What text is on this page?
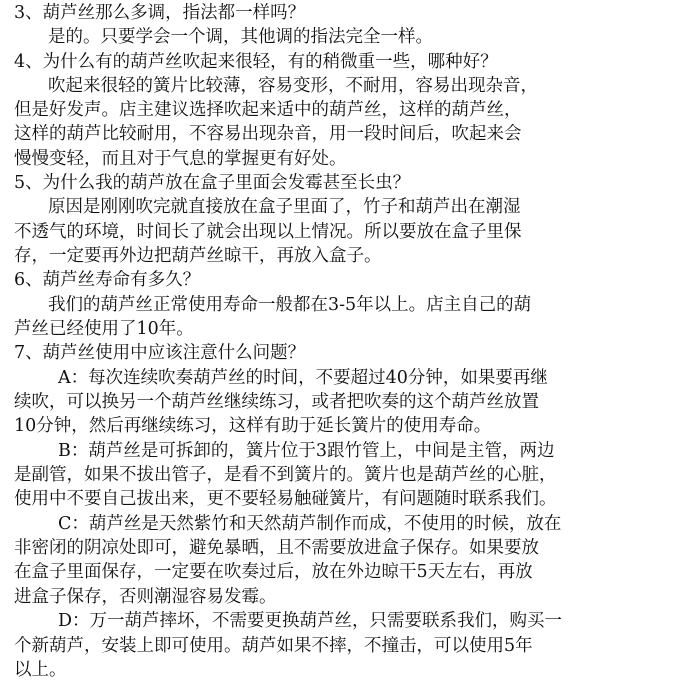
3、葫芦丝那么多调，指法都一样吗？
是的。只要学会一个调，其他调的指法完全一样。
4、为什么有的葫芦丝吹起来很轻，有的稍微重一些，哪种好？
吹起来很轻的簧片比较薄，容易变形，不耐用，容易出现杂音，
但是好发声。店主建议选择吹起来适中的葫芦丝，这样的葫芦丝，
这样的葫芦比较耐用，不容易出现杂音，用一段时间后，吹起来会
慢慢变轻，而且对于气息的掌握更有好处。
5、为什么我的葫芦放在盒子里面会发霉甚至长虫？
原因是刚刚吹完就直接放在盒子里面了，竹子和葫芦出在潮湿
不透气的环境，时间长了就会出现以上情况。所以要放在盒子里保
存，一定要再外边把葫芦丝晾干，再放入盒子。
6、葫芦丝寿命有多久？
我们的葫芦丝正常使用寿命一般都在3-5年以上。店主自己的葫
芦丝已经使用了10年。
7、葫芦丝使用中应该注意什么问题？
A：每次连续吹奏葫芦丝的时间，不要超过40分钟，如果要再继
续吹，可以换另一个葫芦丝继续练习，或者把吹奏的这个葫芦丝放置
10分钟，然后再继续练习，这样有助于延长簧片的使用寿命。
B：葫芦丝是可拆卸的，簧片位于3跟竹管上，中间是主管，两边
是副管，如果不拔出管子，是看不到簧片的。簧片也是葫芦丝的心脏，
使用中不要自己拔出来，更不要轻易触碰簧片，有问题随时联系我们。
C：葫芦丝是天然紫竹和天然葫芦制作而成，不使用的时候，放在
非密闭的阴凉处即可，避免暴晒，且不需要放进盒子保存。如果要放
在盒子里面保存，一定要在吹奏过后，放在外边晾干5天左右，再放
进盒子保存，否则潮湿容易发霉。
D：万一葫芦摔坏，不需要更换葫芦丝，只需要联系我们，购买一
个新葫芦，安装上即可使用。葫芦如果不摔，不撞击，可以使用5年
以上。
